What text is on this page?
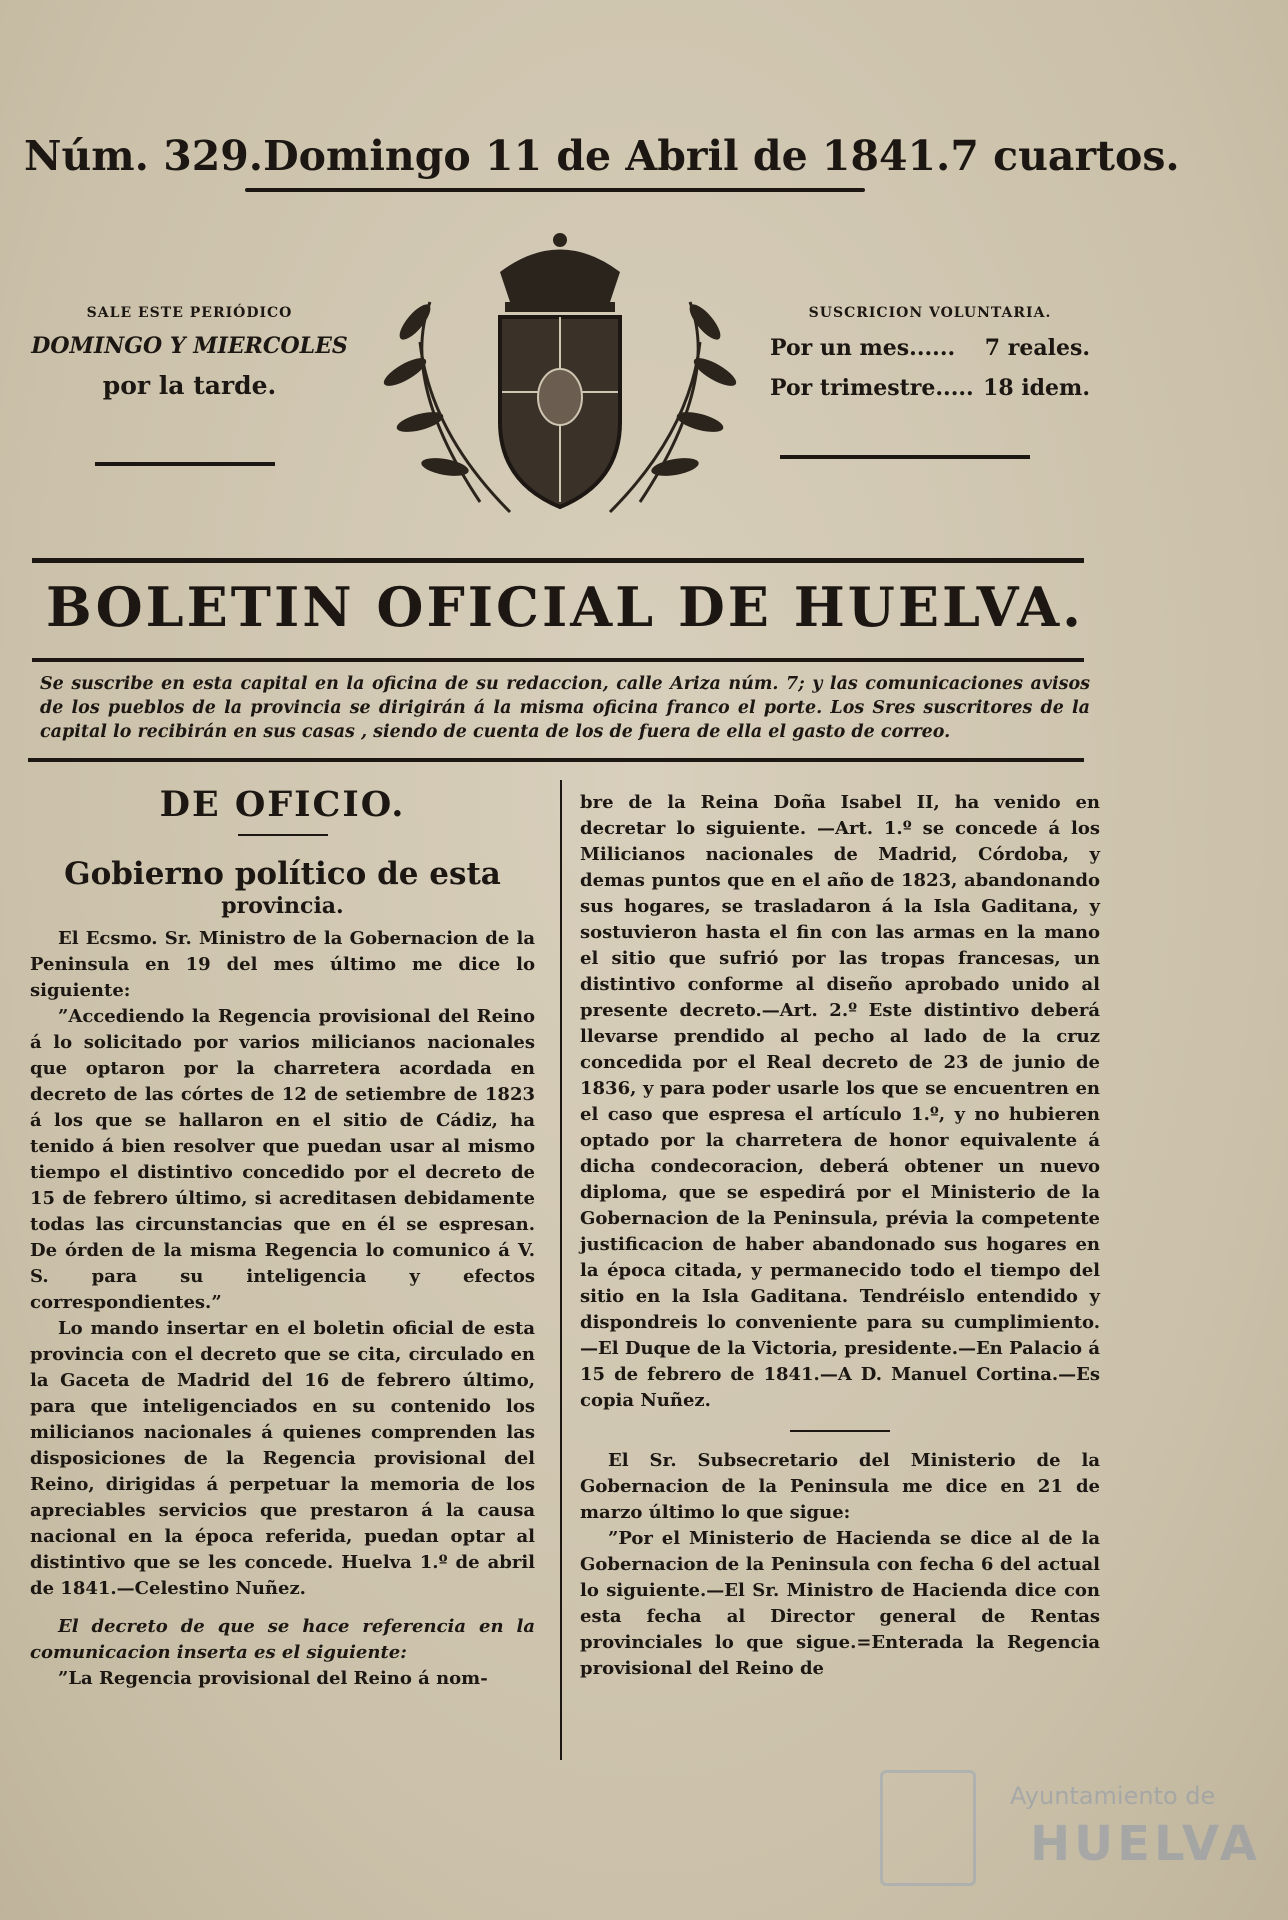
Núm. 329. Domingo 11 de Abril de 1841. 7 cuartos.
SALE ESTE PERIÓDICO
DOMINGO Y MIERCOLES
por la tarde.
SUSCRICION VOLUNTARIA.
Por un mes...... 7 reales.
Por trimestre..... 18 idem.
BOLETIN OFICIAL DE HUELVA.
Se suscribe en esta capital en la oficina de su redaccion, calle Ariza núm. 7; y las comunicaciones avisos de los pueblos de la provincia se dirigirán á la misma oficina franco el porte. Los Sres suscritores de la capital lo recibirán en sus casas , siendo de cuenta de los de fuera de ella el gasto de correo.
DE OFICIO.
Gobierno político de esta
provincia.

El Ecsmo. Sr. Ministro de la Gobernacion de la Peninsula en 19 del mes último me dice lo siguiente:

”Accediendo la Regencia provisional del Reino á lo solicitado por varios milicianos nacionales que optaron por la charretera acordada en decreto de las córtes de 12 de setiembre de 1823 á los que se hallaron en el sitio de Cádiz, ha tenido á bien resolver que puedan usar al mismo tiempo el distintivo concedido por el decreto de 15 de febrero último, si acreditasen debidamente todas las circunstancias que en él se espresan. De órden de la misma Regencia lo comunico á V. S. para su inteligencia y efectos correspondientes.”

Lo mando insertar en el boletin oficial de esta provincia con el decreto que se cita, circulado en la Gaceta de Madrid del 16 de febrero último, para que inteligenciados en su contenido los milicianos nacionales á quienes comprenden las disposiciones de la Regencia provisional del Reino, dirigidas á perpetuar la memoria de los apreciables servicios que prestaron á la causa nacional en la época referida, puedan optar al distintivo que se les concede. Huelva 1.º de abril de 1841.—Celestino Nuñez.

El decreto de que se hace referencia en la comunicacion inserta es el siguiente:

”La Regencia provisional del Reino á nom-

bre de la Reina Doña Isabel II, ha venido en decretar lo siguiente. —Art. 1.º se concede á los Milicianos nacionales de Madrid, Córdoba, y demas puntos que en el año de 1823, abandonando sus hogares, se trasladaron á la Isla Gaditana, y sostuvieron hasta el fin con las armas en la mano el sitio que sufrió por las tropas francesas, un distintivo conforme al diseño aprobado unido al presente decreto.—Art. 2.º Este distintivo deberá llevarse prendido al pecho al lado de la cruz concedida por el Real decreto de 23 de junio de 1836, y para poder usarle los que se encuentren en el caso que espresa el artículo 1.º, y no hubieren optado por la charretera de honor equivalente á dicha condecoracion, deberá obtener un nuevo diploma, que se espedirá por el Ministerio de la Gobernacion de la Peninsula, prévia la competente justificacion de haber abandonado sus hogares en la época citada, y permanecido todo el tiempo del sitio en la Isla Gaditana. Tendréislo entendido y dispondreis lo conveniente para su cumplimiento.—El Duque de la Victoria, presidente.—En Palacio á 15 de febrero de 1841.—A D. Manuel Cortina.—Es copia Nuñez.

El Sr. Subsecretario del Ministerio de la Gobernacion de la Peninsula me dice en 21 de marzo último lo que sigue:

”Por el Ministerio de Hacienda se dice al de la Gobernacion de la Peninsula con fecha 6 del actual lo siguiente.—El Sr. Ministro de Hacienda dice con esta fecha al Director general de Rentas provinciales lo que sigue.=Enterada la Regencia provisional del Reino de

Ayuntamiento de
HUELVA
